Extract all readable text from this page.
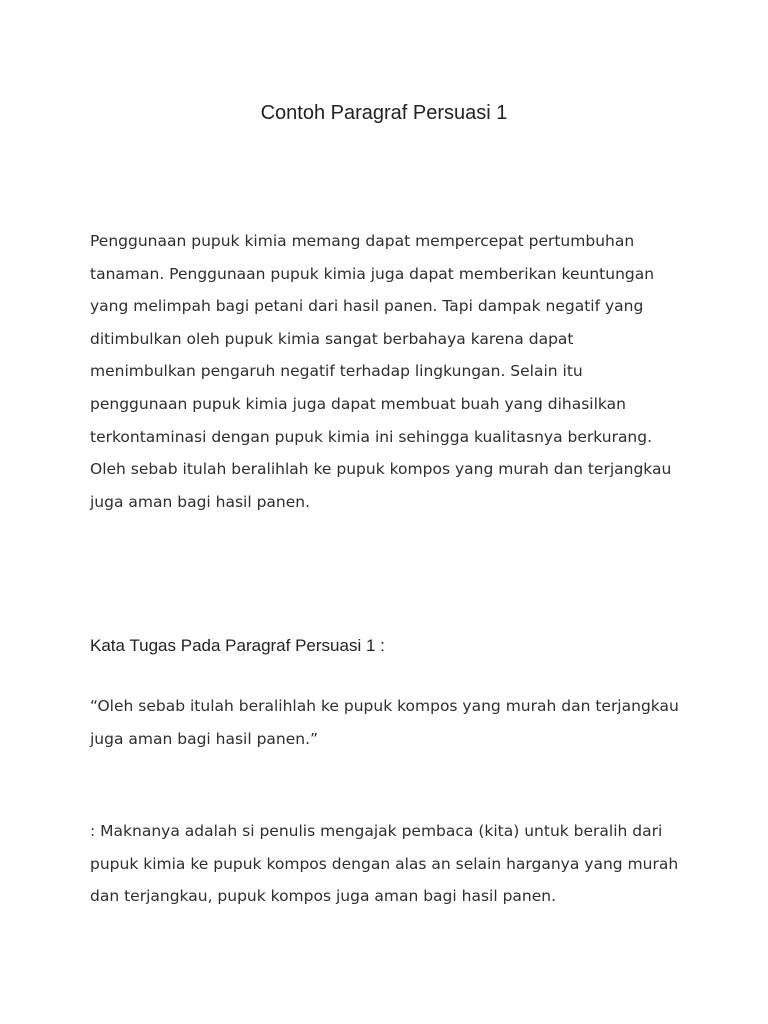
Contoh Paragraf Persuasi 1

Penggunaan pupuk kimia memang dapat mempercepat pertumbuhan
tanaman. Penggunaan pupuk kimia juga dapat memberikan keuntungan
yang melimpah bagi petani dari hasil panen. Tapi dampak negatif yang
ditimbulkan oleh pupuk kimia sangat berbahaya karena dapat
menimbulkan pengaruh negatif terhadap lingkungan. Selain itu
penggunaan pupuk kimia juga dapat membuat buah yang dihasilkan
terkontaminasi dengan pupuk kimia ini sehingga kualitasnya berkurang.
Oleh sebab itulah beralihlah ke pupuk kompos yang murah dan terjangkau
juga aman bagi hasil panen.

Kata Tugas Pada Paragraf Persuasi 1 :

“Oleh sebab itulah beralihlah ke pupuk kompos yang murah dan terjangkau
juga aman bagi hasil panen.”

: Maknanya adalah si penulis mengajak pembaca (kita) untuk beralih dari
pupuk kimia ke pupuk kompos dengan alas an selain harganya yang murah
dan terjangkau, pupuk kompos juga aman bagi hasil panen.
